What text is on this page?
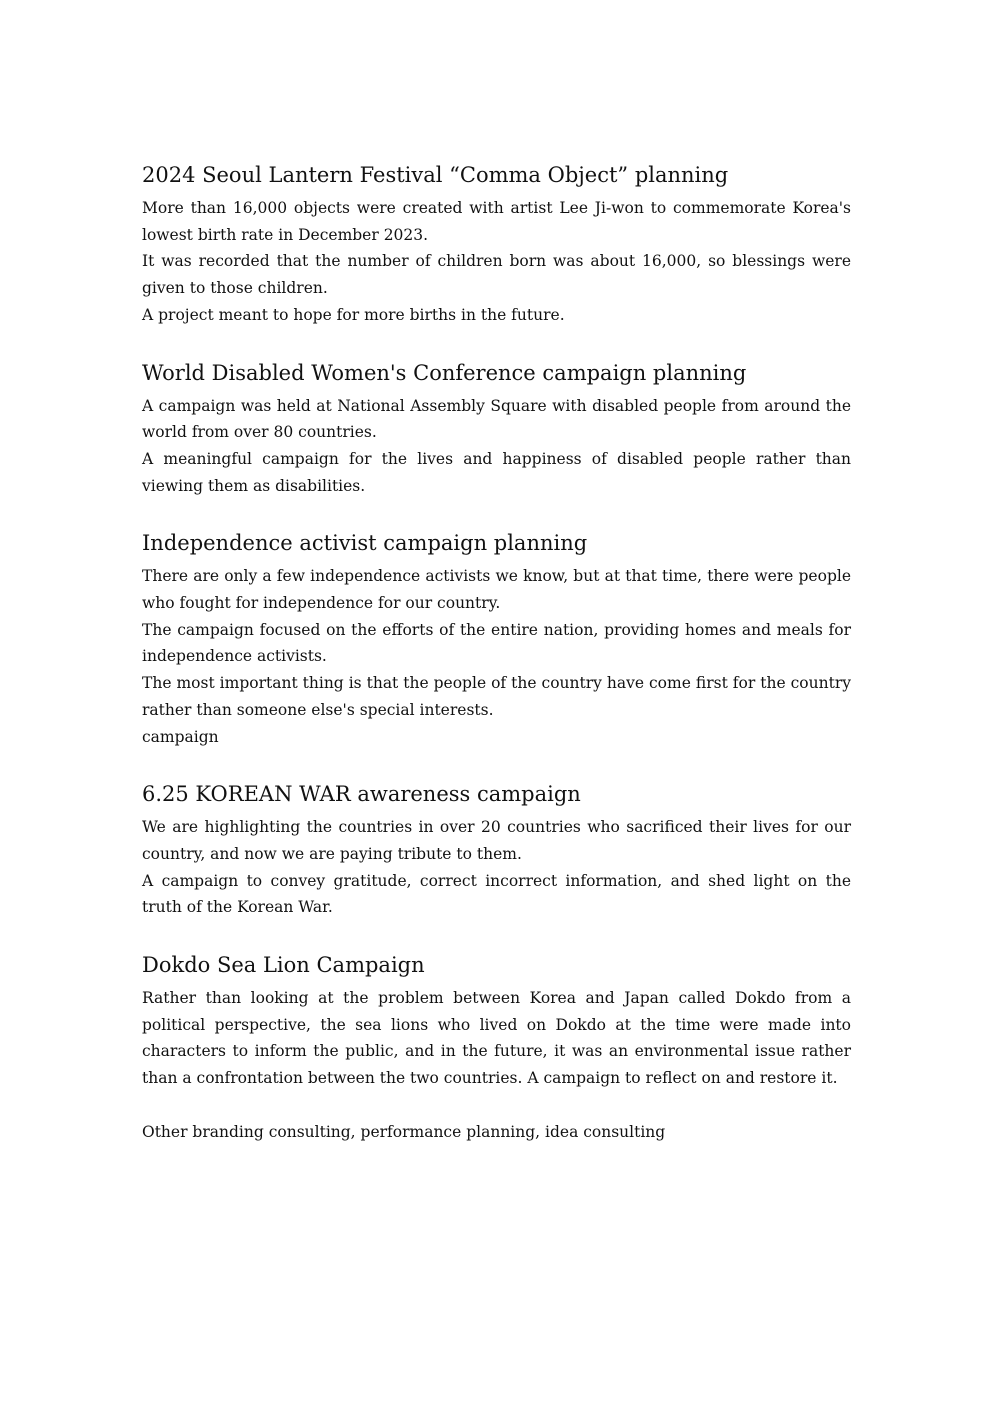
2024 Seoul Lantern Festival “Comma Object” planning

More than 16,000 objects were created with artist Lee Ji-won to commemorate Korea's lowest birth rate in December 2023.

It was recorded that the number of children born was about 16,000, so blessings were given to those children.

A project meant to hope for more births in the future.

World Disabled Women's Conference campaign planning

A campaign was held at National Assembly Square with disabled people from around the world from over 80 countries.

A meaningful campaign for the lives and happiness of disabled people rather than viewing them as disabilities.

Independence activist campaign planning

There are only a few independence activists we know, but at that time, there were people who fought for independence for our country.

The campaign focused on the efforts of the entire nation, providing homes and meals for independence activists.

The most important thing is that the people of the country have come first for the country rather than someone else's special interests.

campaign

6.25 KOREAN WAR awareness campaign

We are highlighting the countries in over 20 countries who sacrificed their lives for our country, and now we are paying tribute to them.

A campaign to convey gratitude, correct incorrect information, and shed light on the truth of the Korean War.

Dokdo Sea Lion Campaign

Rather than looking at the problem between Korea and Japan called Dokdo from a political perspective, the sea lions who lived on Dokdo at the time were made into characters to inform the public, and in the future, it was an environmental issue rather than a confrontation between the two countries. A campaign to reflect on and restore it.

Other branding consulting, performance planning, idea consulting
